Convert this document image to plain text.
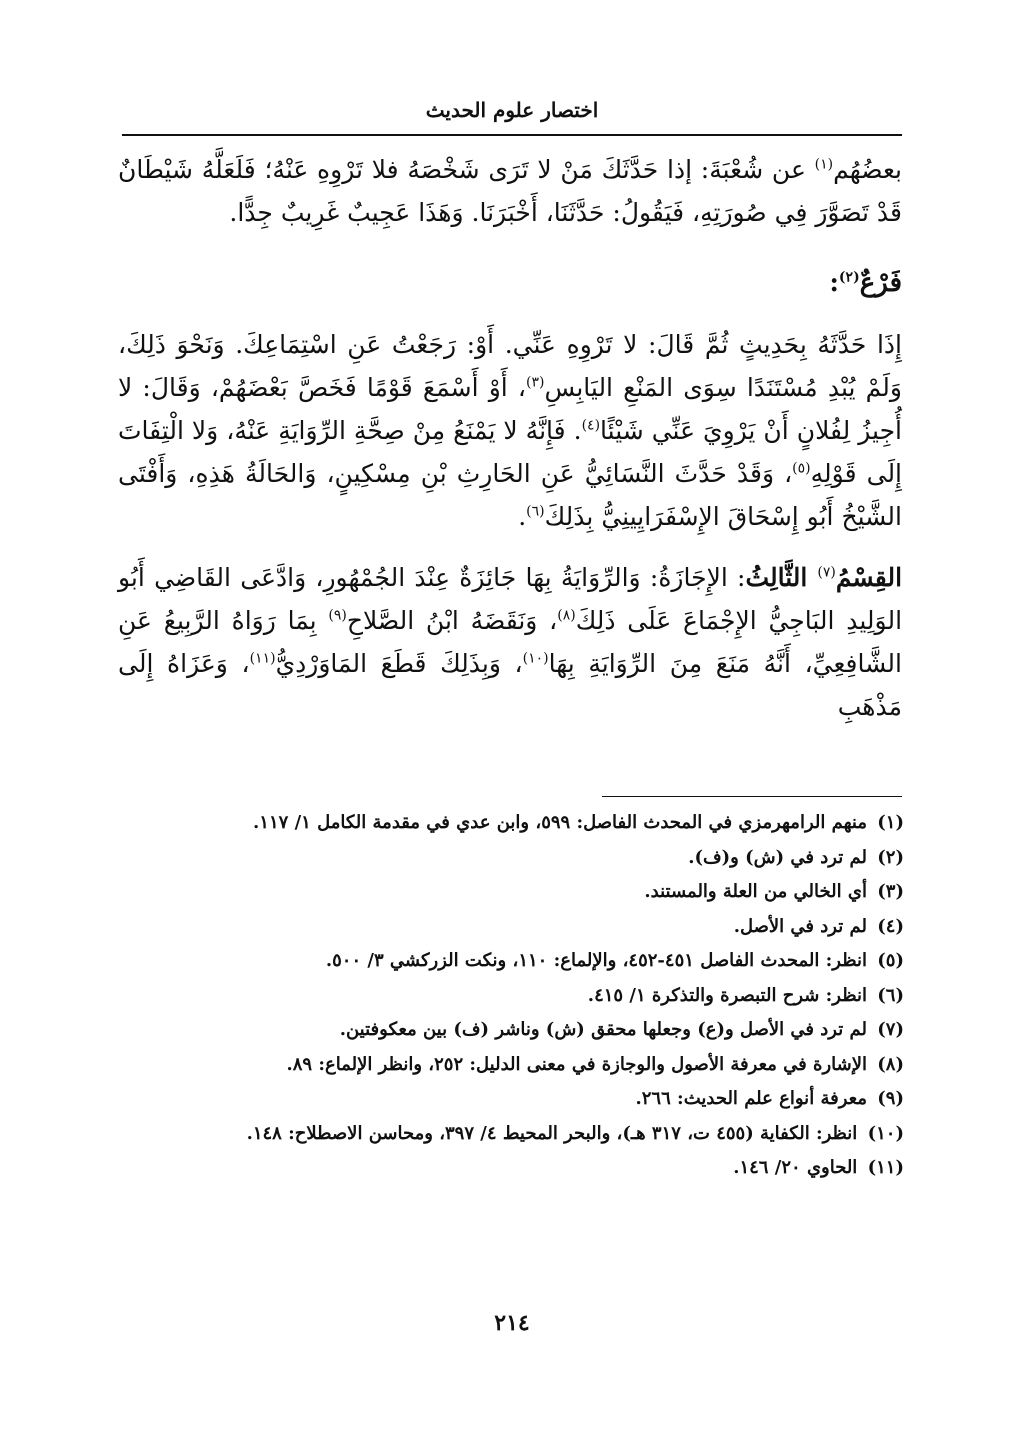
اختصار علوم الحديث

بعضُهُم$^{(١)}$ عن شُعْبَةَ: إذا حَدَّثَكَ مَنْ لا تَرَى شَخْصَهُ فلا تَرْوِهِ عَنْهُ؛ فَلَعَلَّهُ شَيْطَانٌ قَدْ تَصَوَّرَ فِي صُورَتِهِ، فَيَقُولُ: حَدَّثَنَا، أَخْبَرَنَا. وَهَذَا عَجِيبٌ غَرِيبٌ جِدًّا.

فَرْعٌ$^{(٢)}$:

إِذَا حَدَّثَهُ بِحَدِيثٍ ثُمَّ قَالَ: لا تَرْوِهِ عَنِّي. أَوْ: رَجَعْتُ عَنِ اسْتِمَاعِكَ. وَنَحْوَ ذَلِكَ، وَلَمْ يُبْدِ مُسْتَنَدًا سِوَى المَنْعِ اليَابِسِ$^{(٣)}$، أَوْ أَسْمَعَ قَوْمًا فَخَصَّ بَعْضَهُمْ، وَقَالَ: لا أُجِيزُ لِفُلانٍ أَنْ يَرْوِيَ عَنِّي شَيْئًا$^{(٤)}$. فَإِنَّهُ لا يَمْنَعُ مِنْ صِحَّةِ الرِّوَايَةِ عَنْهُ، وَلا الْتِفَاتَ إِلَى قَوْلِهِ$^{(٥)}$، وَقَدْ حَدَّثَ النَّسَائِيُّ عَنِ الحَارِثِ بْنِ مِسْكِينٍ، وَالحَالَةُ هَذِهِ، وَأَفْتَى الشَّيْخُ أَبُو إِسْحَاقَ الإِسْفَرَايِينِيُّ بِذَلِكَ$^{(٦)}$.

القِسْمُ$^{(٧)}$ الثَّالِثُ: الإِجَازَةُ: وَالرِّوَايَةُ بِهَا جَائِزَةٌ عِنْدَ الجُمْهُورِ، وَادَّعَى القَاضِي أَبُو الوَلِيدِ البَاجِيُّ الإِجْمَاعَ عَلَى ذَلِكَ$^{(٨)}$، وَنَقَضَهُ ابْنُ الصَّلاحِ$^{(٩)}$ بِمَا رَوَاهُ الرَّبِيعُ عَنِ الشَّافِعِيِّ، أَنَّهُ مَنَعَ مِنَ الرِّوَايَةِ بِهَا$^{(١٠)}$، وَبِذَلِكَ قَطَعَ المَاوَرْدِيُّ$^{(١١)}$، وَعَزَاهُ إِلَى مَذْهَبِ

(١) منهم الرامهرمزي في المحدث الفاصل: ٥٩٩، وابن عدي في مقدمة الكامل ١/ ١١٧.

(٢) لم ترد في (ش) و(ف).

(٣) أي الخالي من العلة والمستند.

(٤) لم ترد في الأصل.

(٥) انظر: المحدث الفاصل ٤٥١-٤٥٢، والإلماع: ١١٠، ونكت الزركشي ٣/ ٥٠٠.

(٦) انظر: شرح التبصرة والتذكرة ١/ ٤١٥.

(٧) لم ترد في الأصل و(ع) وجعلها محقق (ش) وناشر (ف) بين معكوفتين.

(٨) الإشارة في معرفة الأصول والوجازة في معنى الدليل: ٢٥٢، وانظر الإلماع: ٨٩.

(٩) معرفة أنواع علم الحديث: ٢٦٦.

(١٠) انظر: الكفاية (٤٥٥ ت، ٣١٧ هـ)، والبحر المحيط ٤/ ٣٩٧، ومحاسن الاصطلاح: ١٤٨.

(١١) الحاوي ٢٠/ ١٤٦.

٢١٤
